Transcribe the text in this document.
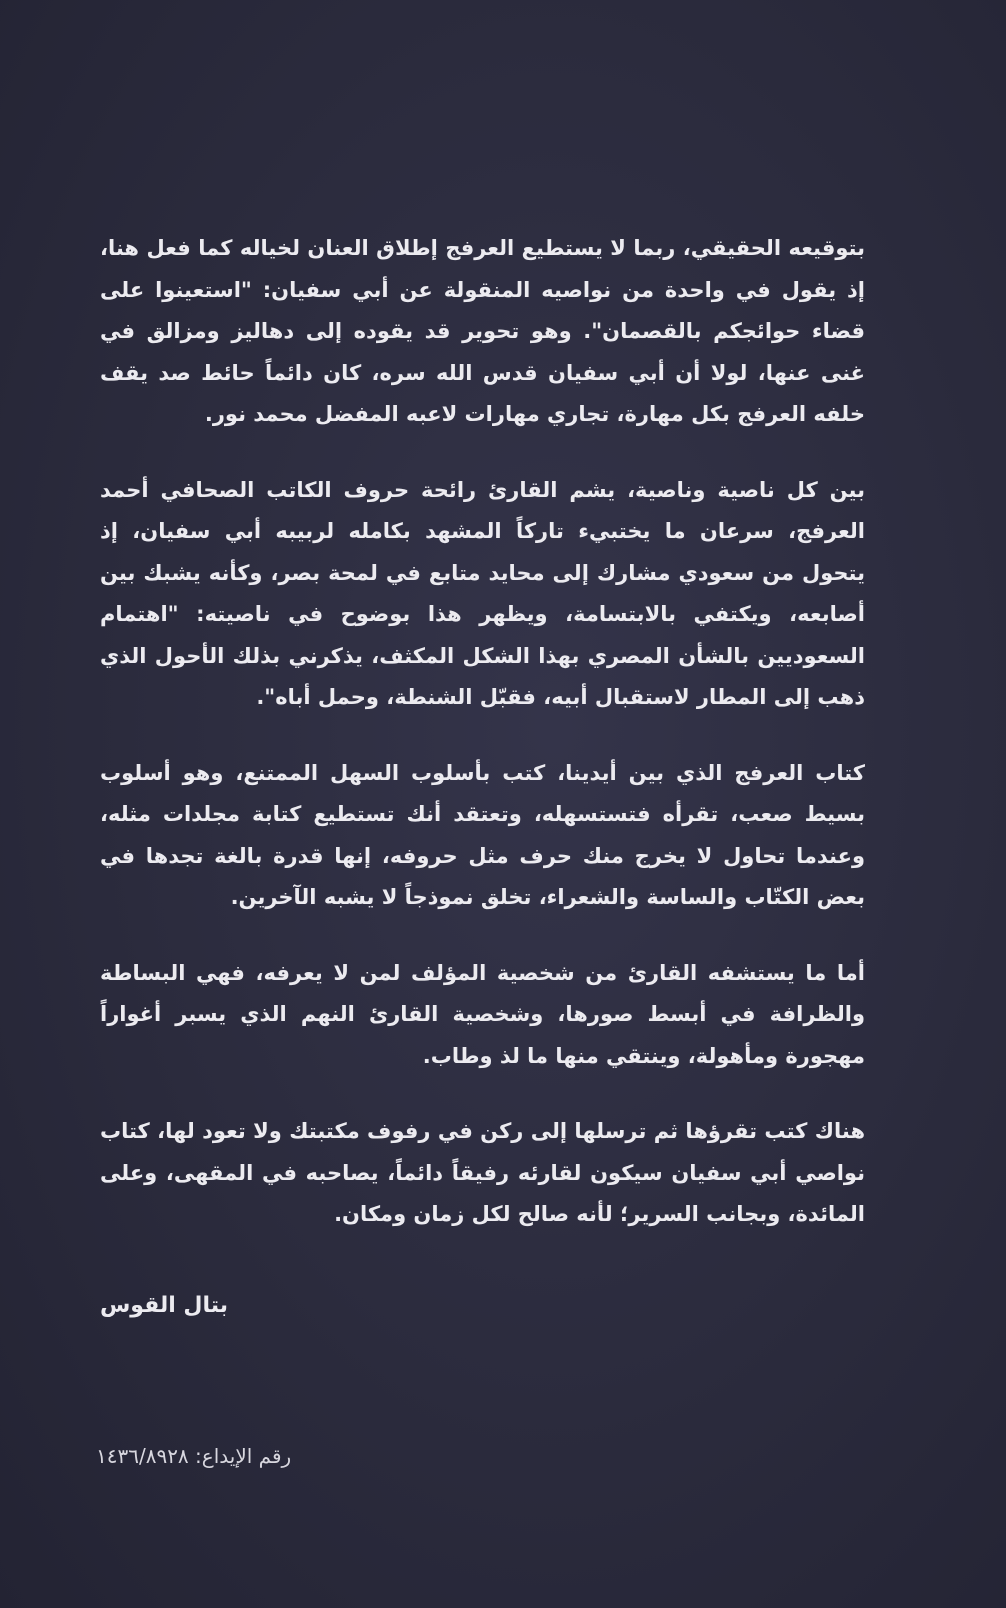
بتوقيعه الحقيقي، ربما لا يستطيع العرفج إطلاق العنان لخياله كما فعل هنا، إذ يقول في واحدة من نواصيه المنقولة عن أبي سفيان: "استعينوا على قضاء حوائجكم بالقصمان". وهو تحوير قد يقوده إلى دهاليز ومزالق في غنى عنها، لولا أن أبي سفيان قدس الله سره، كان دائماً حائط صد يقف خلفه العرفج بكل مهارة، تجاري مهارات لاعبه المفضل محمد نور.

بين كل ناصية وناصية، يشم القارئ رائحة حروف الكاتب الصحافي أحمد العرفج، سرعان ما يختبيء تاركاً المشهد بكامله لربيبه أبي سفيان، إذ يتحول من سعودي مشارك إلى محايد متابع في لمحة بصر، وكأنه يشبك بين أصابعه، ويكتفي بالابتسامة، ويظهر هذا بوضوح في ناصيته: "اهتمام السعوديين بالشأن المصري بهذا الشكل المكثف، يذكرني بذلك الأحول الذي ذهب إلى المطار لاستقبال أبيه، فقبّل الشنطة، وحمل أباه".

كتاب العرفج الذي بين أيدينا، كتب بأسلوب السهل الممتنع، وهو أسلوب بسيط صعب، تقرأه فتستسهله، وتعتقد أنك تستطيع كتابة مجلدات مثله، وعندما تحاول لا يخرج منك حرف مثل حروفه، إنها قدرة بالغة تجدها في بعض الكتّاب والساسة والشعراء، تخلق نموذجاً لا يشبه الآخرين.

أما ما يستشفه القارئ من شخصية المؤلف لمن لا يعرفه، فهي البساطة والظرافة في أبسط صورها، وشخصية القارئ النهم الذي يسبر أغواراً مهجورة ومأهولة، وينتقي منها ما لذ وطاب.

هناك كتب تقرؤها ثم ترسلها إلى ركن في رفوف مكتبتك ولا تعود لها، كتاب نواصي أبي سفيان سيكون لقارئه رفيقاً دائماً، يصاحبه في المقهى، وعلى المائدة، وبجانب السرير؛ لأنه صالح لكل زمان ومكان.

بتال القوس
رقم الإيداع: ١٤٣٦/٨٩٢٨
